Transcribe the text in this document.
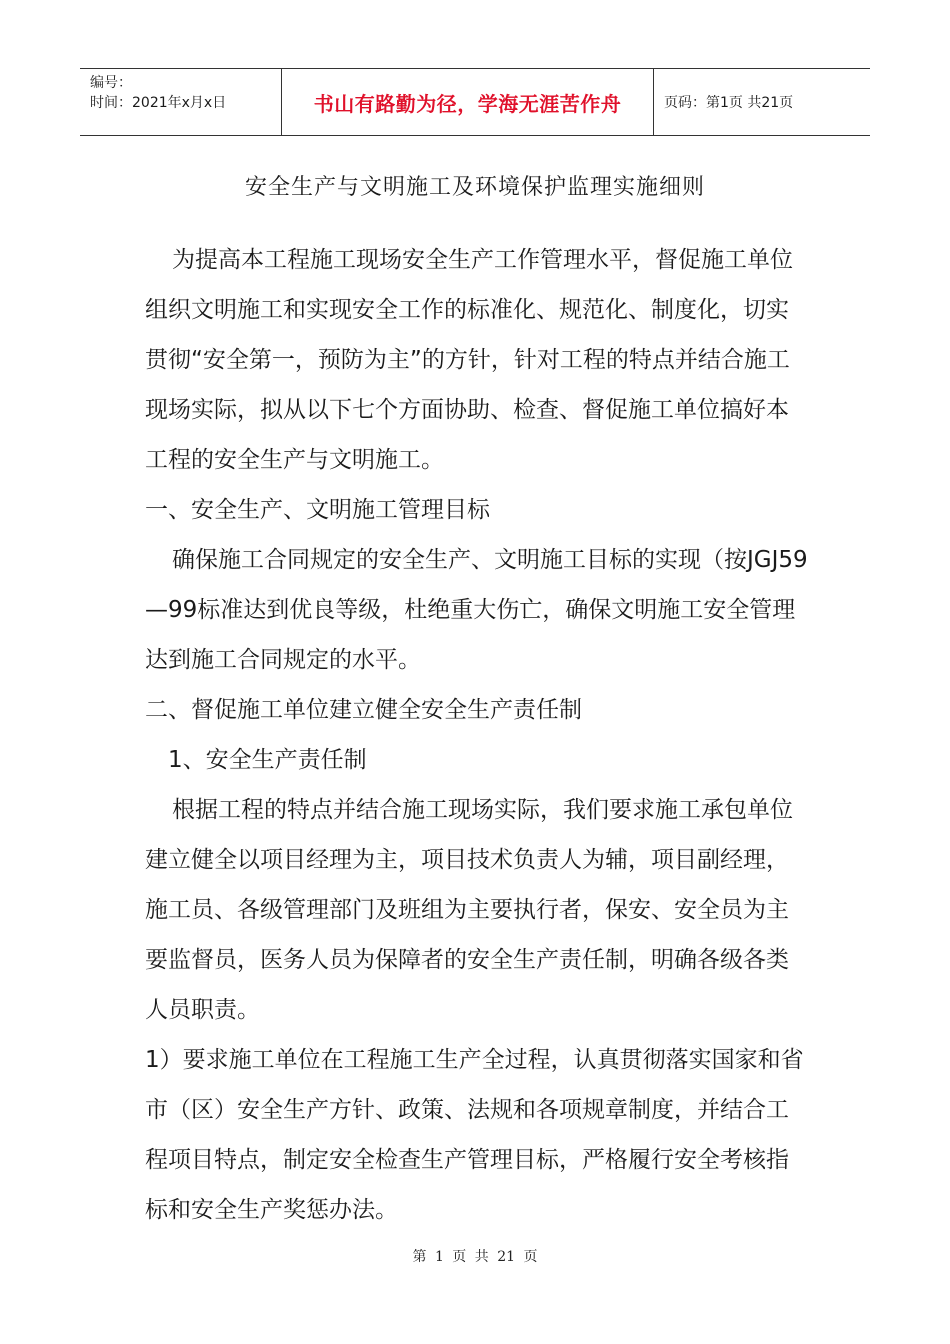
编号：
时间：2021年x月x日	书山有路勤为径，学海无涯苦作舟	页码：第1页 共21页
安全生产与文明施工及环境保护监理实施细则

为提高本工程施工现场安全生产工作管理水平，督促施工单位组织文明施工和实现安全工作的标准化、规范化、制度化，切实贯彻“安全第一，预防为主”的方针，针对工程的特点并结合施工现场实际，拟从以下七个方面协助、检查、督促施工单位搞好本工程的安全生产与文明施工。

一、安全生产、文明施工管理目标

确保施工合同规定的安全生产、文明施工目标的实现（按JGJ59—99标准达到优良等级，杜绝重大伤亡，确保文明施工安全管理达到施工合同规定的水平。

二、督促施工单位建立健全安全生产责任制

1、安全生产责任制

根据工程的特点并结合施工现场实际，我们要求施工承包单位建立健全以项目经理为主，项目技术负责人为辅，项目副经理，施工员、各级管理部门及班组为主要执行者，保安、安全员为主要监督员，医务人员为保障者的安全生产责任制，明确各级各类人员职责。

1）要求施工单位在工程施工生产全过程，认真贯彻落实国家和省市（区）安全生产方针、政策、法规和各项规章制度，并结合工程项目特点，制定安全检查生产管理目标，严格履行安全考核指标和安全生产奖惩办法。

第 1 页 共 21 页
